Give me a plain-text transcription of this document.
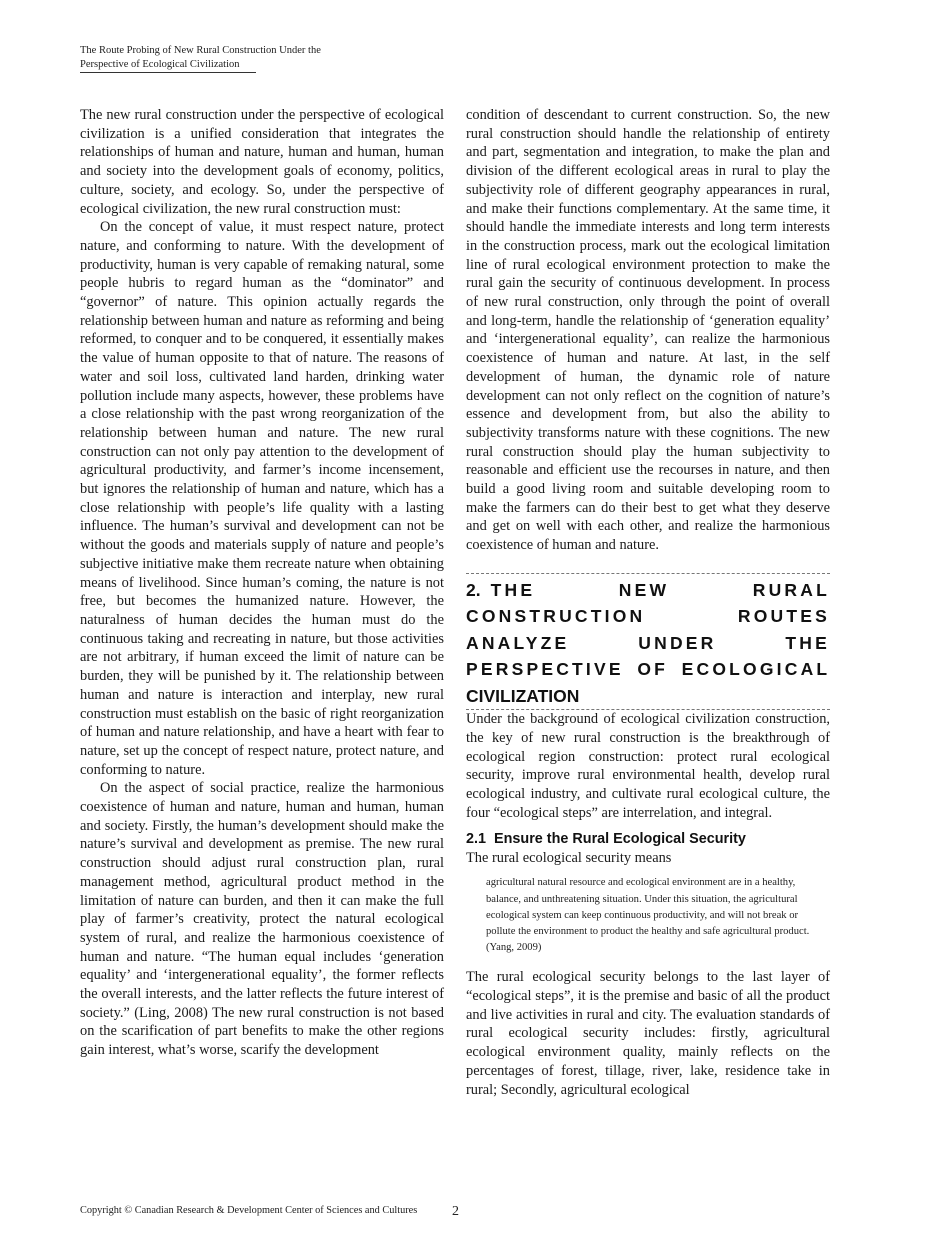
The Route Probing of New Rural Construction Under the
Perspective of Ecological Civilization

The new rural construction under the perspective of ecological civilization is a unified consideration that integrates the relationships of human and nature, human and human, human and society into the development goals of economy, politics, culture, society, and ecology. So, under the perspective of ecological civilization, the new rural construction must:

On the concept of value, it must respect nature, protect nature, and conforming to nature. With the development of productivity, human is very capable of remaking natural, some people hubris to regard human as the “dominator” and “governor” of nature. This opinion actually regards the relationship between human and nature as reforming and being reformed, to conquer and to be conquered, it essentially makes the value of human opposite to that of nature. The reasons of water and soil loss, cultivated land harden, drinking water pollution include many aspects, however, these problems have a close relationship with the past wrong reorganization of the relationship between human and nature. The new rural construction can not only pay attention to the development of agricultural productivity, and farmer’s income incensement, but ignores the relationship of human and nature, which has a close relationship with people’s life quality with a lasting influence. The human’s survival and development can not be without the goods and materials supply of nature and people’s subjective initiative make them recreate nature when obtaining means of livelihood. Since human’s coming, the nature is not free, but becomes the humanized nature. However, the naturalness of human decides the human must do the continuous taking and recreating in nature, but those activities are not arbitrary, if human exceed the limit of nature can be burden, they will be punished by it. The relationship between human and nature is interaction and interplay, new rural construction must establish on the basic of right reorganization of human and nature relationship, and have a heart with fear to nature, set up the concept of respect nature, protect nature, and conforming to nature.

On the aspect of social practice, realize the harmonious coexistence of human and nature, human and human, human and society. Firstly, the human’s development should make the nature’s survival and development as premise. The new rural construction should adjust rural construction plan, rural management method, agricultural product method in the limitation of nature can burden, and then it can make the full play of farmer’s creativity, protect the natural ecological system of rural, and realize the harmonious coexistence of human and nature. “The human equal includes ‘generation equality’ and ‘intergenerational equality’, the former reflects the overall interests, and the latter reflects the future interest of society.” (Ling, 2008) The new rural construction is not based on the scarification of part benefits to make the other regions gain interest, what’s worse, scarify the development

condition of descendant to current construction. So, the new rural construction should handle the relationship of entirety and part, segmentation and integration, to make the plan and division of the different ecological areas in rural to play the subjectivity role of different geography appearances in rural, and make their functions complementary. At the same time, it should handle the immediate interests and long term interests in the construction process, mark out the ecological limitation line of rural ecological environment protection to make the rural gain the security of continuous development. In process of new rural construction, only through the point of overall and long-term, handle the relationship of ‘generation equality’ and ‘intergenerational equality’, can realize the harmonious coexistence of human and nature. At last, in the self development of human, the dynamic role of nature development can not only reflect on the cognition of nature’s essence and development from, but also the ability to subjectivity transforms nature with these cognitions. The new rural construction should play the human subjectivity to reasonable and efficient use the recourses in nature, and then build a good living room and suitable developing room to make the farmers can do their best to get what they deserve and get on well with each other, and realize the harmonious coexistence of human and nature.

2. THE NEW RURAL CONSTRUCTION ROUTES ANALYZE UNDER THE PERSPECTIVE OF ECOLOGICAL CIVILIZATION

Under the background of ecological civilization construction, the key of new rural construction is the breakthrough of ecological region construction: protect rural ecological security, improve rural environmental health, develop rural ecological industry, and cultivate rural ecological culture, the four “ecological steps” are interrelation, and integral.

2.1 Ensure the Rural Ecological Security

The rural ecological security means

agricultural natural resource and ecological environment are in a healthy, balance, and unthreatening situation. Under this situation, the agricultural ecological system can keep continuous productivity, and will not break or pollute the environment to product the healthy and safe agricultural product. (Yang, 2009)

The rural ecological security belongs to the last layer of “ecological steps”, it is the premise and basic of all the product and live activities in rural and city. The evaluation standards of rural ecological security includes: firstly, agricultural ecological environment quality, mainly reflects on the percentages of forest, tillage, river, lake, residence take in rural; Secondly, agricultural ecological

Copyright © Canadian Research & Development Center of Sciences and Cultures 2
